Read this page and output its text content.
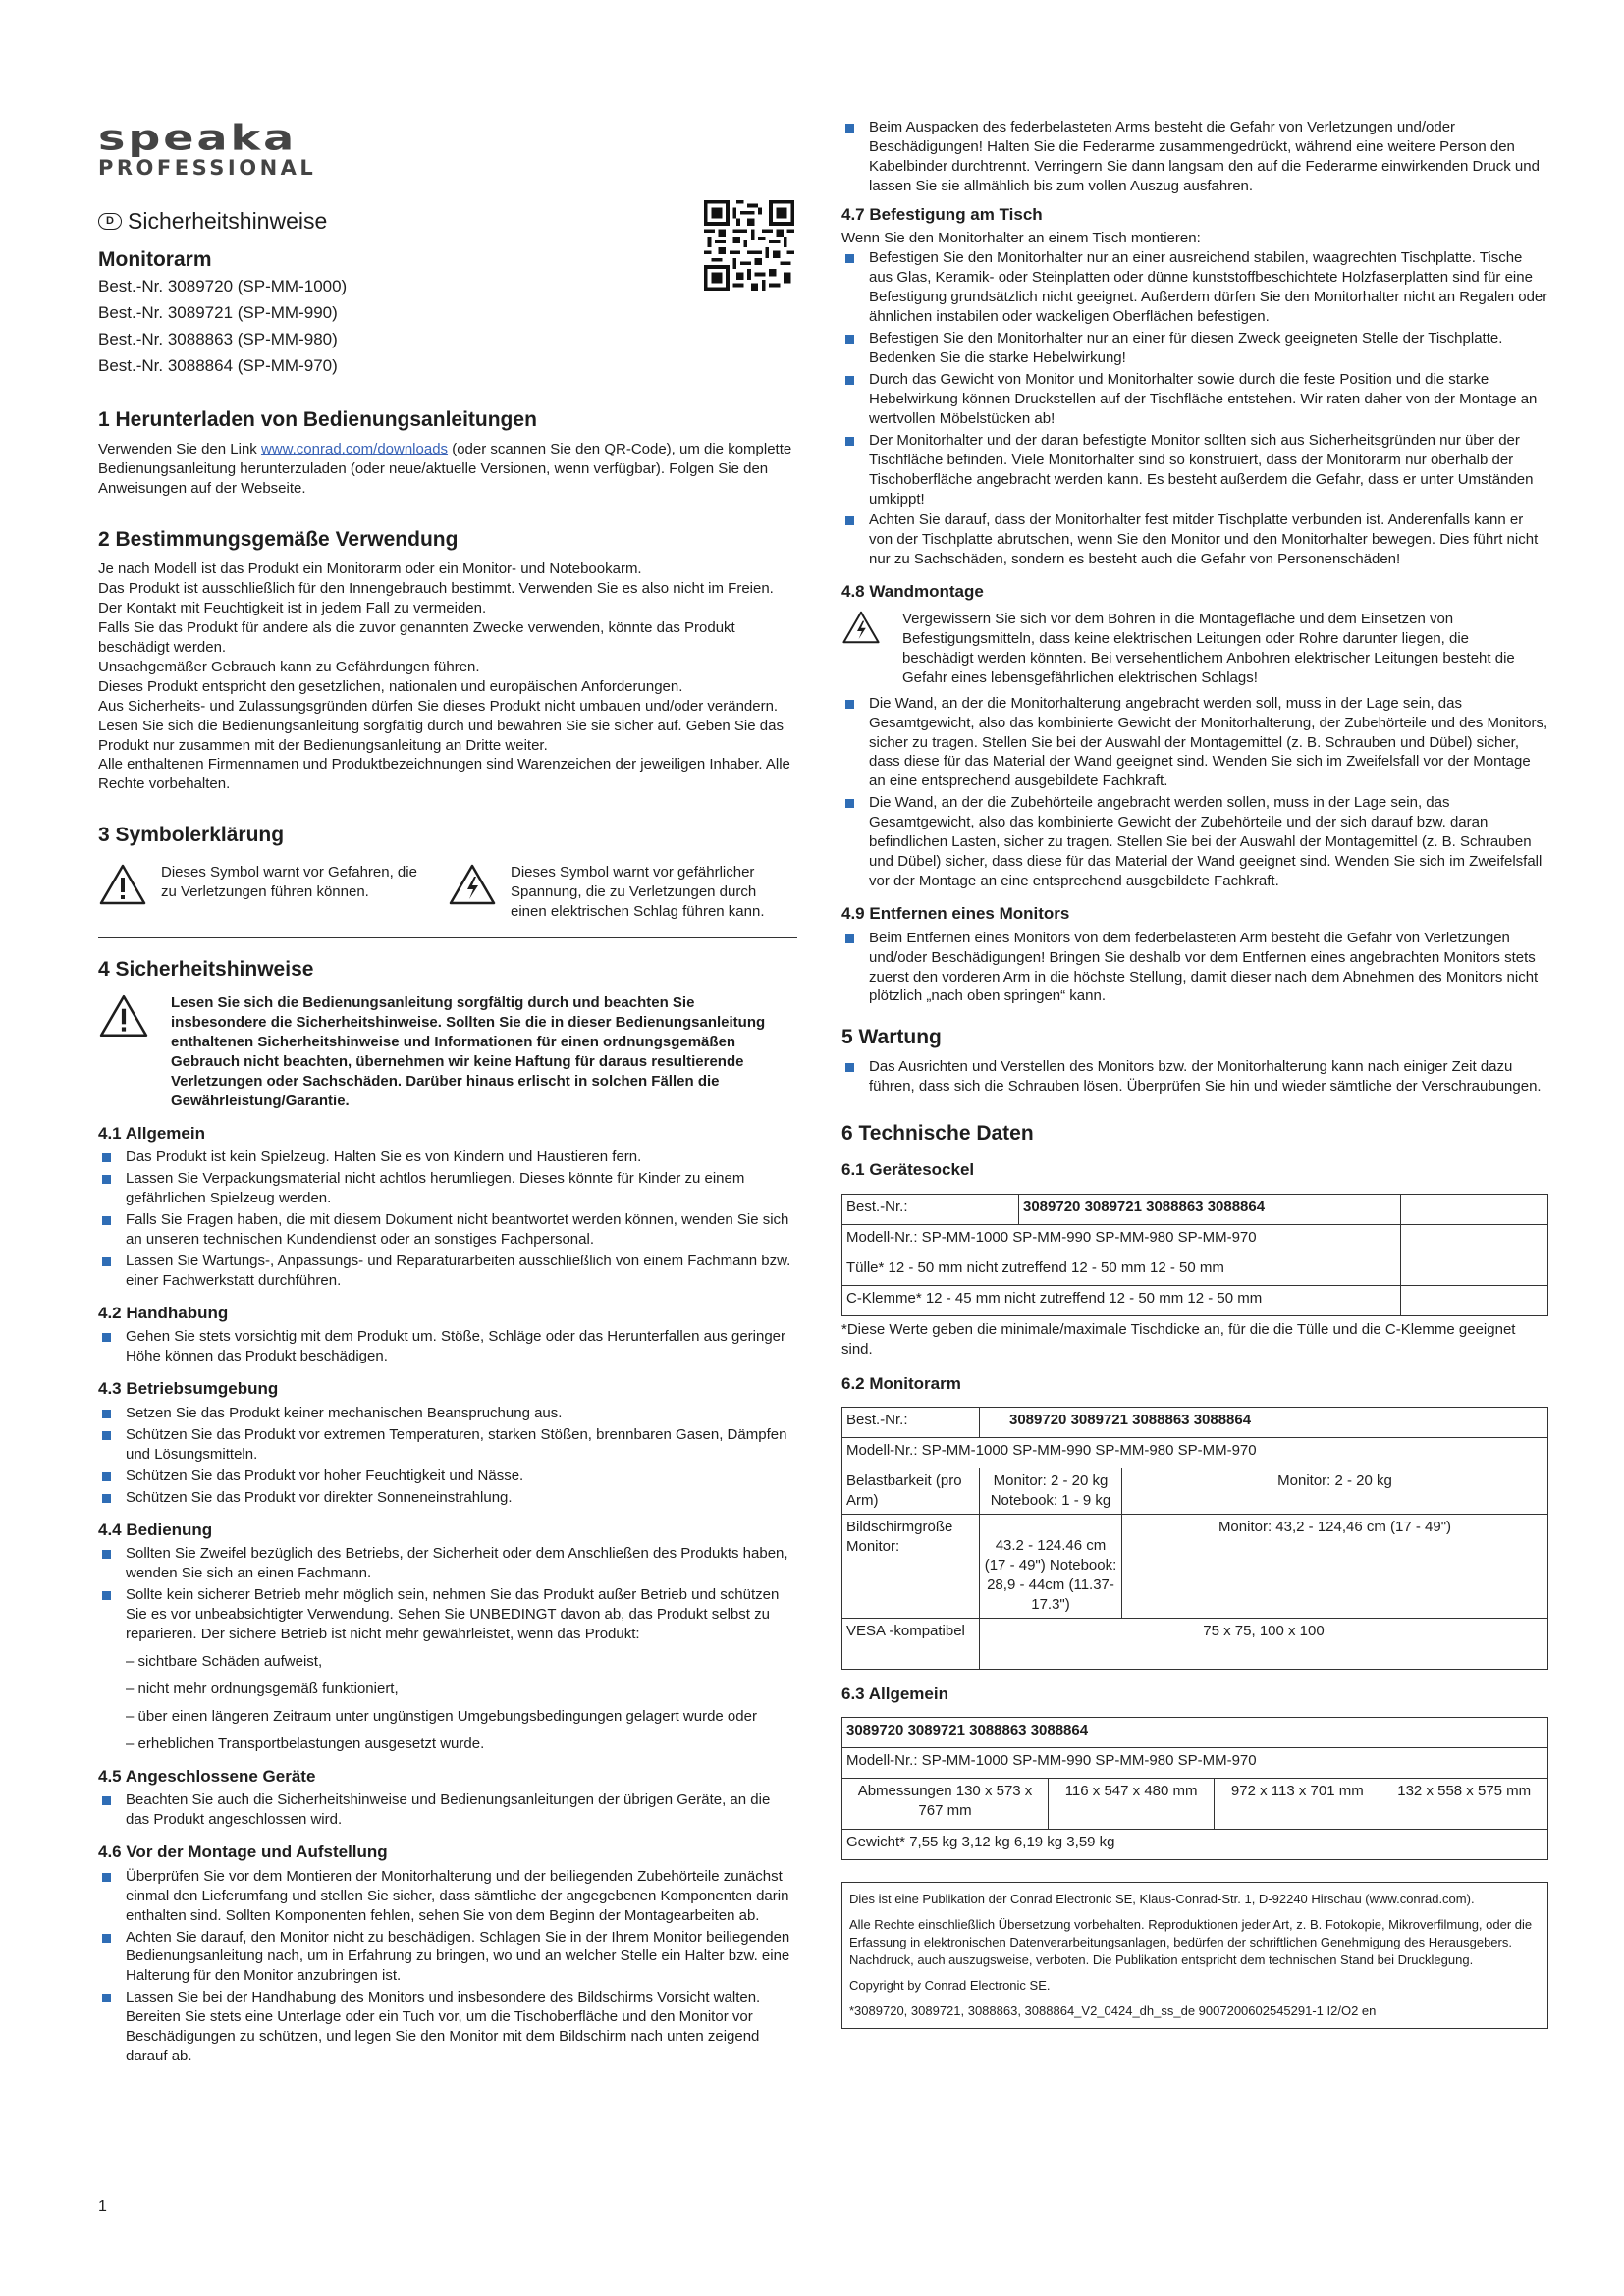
speaka
PROFESSIONAL
D Sicherheitshinweise
Monitorarm
Best.-Nr. 3089720 (SP-MM-1000)
Best.-Nr. 3089721 (SP-MM-990)
Best.-Nr. 3088863 (SP-MM-980)
Best.-Nr. 3088864 (SP-MM-970)
1 Herunterladen von Bedienungsanleitungen

Verwenden Sie den Link www.conrad.com/downloads (oder scannen Sie den QR-Code), um die komplette Bedienungsanleitung herunterzuladen (oder neue/aktuelle Versionen, wenn verfügbar). Folgen Sie den Anweisungen auf der Webseite.

2 Bestimmungsgemäße Verwendung

Je nach Modell ist das Produkt ein Monitorarm oder ein Monitor- und Notebookarm.

Das Produkt ist ausschließlich für den Innengebrauch bestimmt. Verwenden Sie es also nicht im Freien.

Der Kontakt mit Feuchtigkeit ist in jedem Fall zu vermeiden.

Falls Sie das Produkt für andere als die zuvor genannten Zwecke verwenden, könnte das Produkt beschädigt werden.

Unsachgemäßer Gebrauch kann zu Gefährdungen führen.

Dieses Produkt entspricht den gesetzlichen, nationalen und europäischen Anforderungen.

Aus Sicherheits- und Zulassungsgründen dürfen Sie dieses Produkt nicht umbauen und/oder verändern.

Lesen Sie sich die Bedienungsanleitung sorgfältig durch und bewahren Sie sie sicher auf. Geben Sie das Produkt nur zusammen mit der Bedienungsanleitung an Dritte weiter.

Alle enthaltenen Firmennamen und Produktbezeichnungen sind Warenzeichen der jeweiligen Inhaber. Alle Rechte vorbehalten.

3 Symbolerklärung

Dieses Symbol warnt vor Gefahren, die zu Verletzungen führen können.

Dieses Symbol warnt vor gefährlicher Spannung, die zu Verletzungen durch einen elektrischen Schlag führen kann.

4 Sicherheitshinweise

Lesen Sie sich die Bedienungsanleitung sorgfältig durch und beachten Sie insbesondere die Sicherheitshinweise. Sollten Sie die in dieser Bedienungsanleitung enthaltenen Sicherheitshinweise und Informationen für einen ordnungsgemäßen Gebrauch nicht beachten, übernehmen wir keine Haftung für daraus resultierende Verletzungen oder Sachschäden. Darüber hinaus erlischt in solchen Fällen die Gewährleistung/Garantie.

4.1 Allgemein
Das Produkt ist kein Spielzeug. Halten Sie es von Kindern und Haustieren fern.
Lassen Sie Verpackungsmaterial nicht achtlos herumliegen. Dieses könnte für Kinder zu einem gefährlichen Spielzeug werden.
Falls Sie Fragen haben, die mit diesem Dokument nicht beantwortet werden können, wenden Sie sich an unseren technischen Kundendienst oder an sonstiges Fachpersonal.
Lassen Sie Wartungs-, Anpassungs- und Reparaturarbeiten ausschließlich von einem Fachmann bzw. einer Fachwerkstatt durchführen.
4.2 Handhabung
Gehen Sie stets vorsichtig mit dem Produkt um. Stöße, Schläge oder das Herunterfallen aus geringer Höhe können das Produkt beschädigen.
4.3 Betriebsumgebung
Setzen Sie das Produkt keiner mechanischen Beanspruchung aus.
Schützen Sie das Produkt vor extremen Temperaturen, starken Stößen, brennbaren Gasen, Dämpfen und Lösungsmitteln.
Schützen Sie das Produkt vor hoher Feuchtigkeit und Nässe.
Schützen Sie das Produkt vor direkter Sonneneinstrahlung.
4.4 Bedienung
Sollten Sie Zweifel bezüglich des Betriebs, der Sicherheit oder dem Anschließen des Produkts haben, wenden Sie sich an einen Fachmann.
Sollte kein sicherer Betrieb mehr möglich sein, nehmen Sie das Produkt außer Betrieb und schützen Sie es vor unbeabsichtigter Verwendung. Sehen Sie UNBEDINGT davon ab, das Produkt selbst zu reparieren. Der sichere Betrieb ist nicht mehr gewährleistet, wenn das Produkt:

– sichtbare Schäden aufweist,

– nicht mehr ordnungsgemäß funktioniert,

– über einen längeren Zeitraum unter ungünstigen Umgebungsbedingungen gelagert wurde oder

– erheblichen Transportbelastungen ausgesetzt wurde.

4.5 Angeschlossene Geräte
Beachten Sie auch die Sicherheitshinweise und Bedienungsanleitungen der übrigen Geräte, an die das Produkt angeschlossen wird.
4.6 Vor der Montage und Aufstellung
Überprüfen Sie vor dem Montieren der Monitorhalterung und der beiliegenden Zubehörteile zunächst einmal den Lieferumfang und stellen Sie sicher, dass sämtliche der angegebenen Komponenten darin enthalten sind. Sollten Komponenten fehlen, sehen Sie von dem Beginn der Montagearbeiten ab.
Achten Sie darauf, den Monitor nicht zu beschädigen. Schlagen Sie in der Ihrem Monitor beiliegenden Bedienungsanleitung nach, um in Erfahrung zu bringen, wo und an welcher Stelle ein Halter bzw. eine Halterung für den Monitor anzubringen ist.
Lassen Sie bei der Handhabung des Monitors und insbesondere des Bildschirms Vorsicht walten. Bereiten Sie stets eine Unterlage oder ein Tuch vor, um die Tischoberfläche und den Monitor vor Beschädigungen zu schützen, und legen Sie den Monitor mit dem Bildschirm nach unten zeigend darauf ab.
Beim Auspacken des federbelasteten Arms besteht die Gefahr von Verletzungen und/oder Beschädigungen! Halten Sie die Federarme zusammengedrückt, während eine weitere Person den Kabelbinder durchtrennt. Verringern Sie dann langsam den auf die Federarme einwirkenden Druck und lassen Sie sie allmählich bis zum vollen Auszug ausfahren.
4.7 Befestigung am Tisch

Wenn Sie den Monitorhalter an einem Tisch montieren:

Befestigen Sie den Monitorhalter nur an einer ausreichend stabilen, waagrechten Tischplatte. Tische aus Glas, Keramik- oder Steinplatten oder dünne kunststoffbeschichtete Holzfaserplatten sind für eine Befestigung grundsätzlich nicht geeignet. Außerdem dürfen Sie den Monitorhalter nicht an Regalen oder ähnlichen instabilen oder wackeligen Oberflächen befestigen.
Befestigen Sie den Monitorhalter nur an einer für diesen Zweck geeigneten Stelle der Tischplatte. Bedenken Sie die starke Hebelwirkung!
Durch das Gewicht von Monitor und Monitorhalter sowie durch die feste Position und die starke Hebelwirkung können Druckstellen auf der Tischfläche entstehen. Wir raten daher von der Montage an wertvollen Möbelstücken ab!
Der Monitorhalter und der daran befestigte Monitor sollten sich aus Sicherheitsgründen nur über der Tischfläche befinden. Viele Monitorhalter sind so konstruiert, dass der Monitorarm nur oberhalb der Tischoberfläche angebracht werden kann. Es besteht außerdem die Gefahr, dass er unter Umständen umkippt!
Achten Sie darauf, dass der Monitorhalter fest mitder Tischplatte verbunden ist. Anderenfalls kann er von der Tischplatte abrutschen, wenn Sie den Monitor und den Monitorhalter bewegen. Dies führt nicht nur zu Sachschäden, sondern es besteht auch die Gefahr von Personenschäden!
4.8 Wandmontage

Vergewissern Sie sich vor dem Bohren in die Montagefläche und dem Einsetzen von Befestigungsmitteln, dass keine elektrischen Leitungen oder Rohre darunter liegen, die beschädigt werden könnten. Bei versehentlichem Anbohren elektrischer Leitungen besteht die Gefahr eines lebensgefährlichen elektrischen Schlags!

Die Wand, an der die Monitorhalterung angebracht werden soll, muss in der Lage sein, das Gesamtgewicht, also das kombinierte Gewicht der Monitorhalterung, der Zubehörteile und des Monitors, sicher zu tragen. Stellen Sie bei der Auswahl der Montagemittel (z. B. Schrauben und Dübel) sicher, dass diese für das Material der Wand geeignet sind. Wenden Sie sich im Zweifelsfall vor der Montage an eine entsprechend ausgebildete Fachkraft.
Die Wand, an der die Zubehörteile angebracht werden sollen, muss in der Lage sein, das Gesamtgewicht, also das kombinierte Gewicht der Zubehörteile und der sich darauf bzw. daran befindlichen Lasten, sicher zu tragen. Stellen Sie bei der Auswahl der Montagemittel (z. B. Schrauben und Dübel) sicher, dass diese für das Material der Wand geeignet sind. Wenden Sie sich im Zweifelsfall vor der Montage an eine entsprechend ausgebildete Fachkraft.
4.9 Entfernen eines Monitors
Beim Entfernen eines Monitors von dem federbelasteten Arm besteht die Gefahr von Verletzungen und/oder Beschädigungen! Bringen Sie deshalb vor dem Entfernen eines angebrachten Monitors stets zuerst den vorderen Arm in die höchste Stellung, damit dieser nach dem Abnehmen des Monitors nicht plötzlich „nach oben springen“ kann.
5 Wartung
Das Ausrichten und Verstellen des Monitors bzw. der Monitorhalterung kann nach einiger Zeit dazu führen, dass sich die Schrauben lösen. Überprüfen Sie hin und wieder sämtliche der Verschraubungen.
6 Technische Daten
6.1 Gerätesockel
Best.-Nr.:	3089720 3089721 3088863 3088864	
Modell-Nr.: SP-MM-1000 SP-MM-990 SP-MM-980 SP-MM-970		
Tülle* 12 - 50 mm nicht zutreffend 12 - 50 mm 12 - 50 mm		
C-Klemme* 12 - 45 mm nicht zutreffend 12 - 50 mm 12 - 50 mm		

*Diese Werte geben die minimale/maximale Tischdicke an, für die die Tülle und die C-Klemme geeignet sind.

6.2 Monitorarm
Best.-Nr.:	3089720 3089721 3088863 3088864	
Modell-Nr.: SP-MM-1000 SP-MM-990 SP-MM-980 SP-MM-970		
Belastbarkeit (pro Arm)	Monitor: 2 - 20 kg Notebook: 1 - 9 kg	Monitor: 2 - 20 kg
Bildschirmgröße Monitor:	43.2 - 124.46 cm (17 - 49") Notebook: 28,9 - 44cm (11.37-17.3")	Monitor: 43,2 - 124,46 cm (17 - 49")
VESA -kompatibel	75 x 75, 100 x 100	
6.3 Allgemein
3089720 3089721 3088863 3088864
Modell-Nr.: SP-MM-1000 SP-MM-990 SP-MM-980 SP-MM-970
Abmessungen 130 x 573 x 767 mm	116 x 547 x 480 mm	972 x 113 x 701 mm	132 x 558 x 575 mm
Gewicht* 7,55 kg 3,12 kg 6,19 kg 3,59 kg

Dies ist eine Publikation der Conrad Electronic SE, Klaus-Conrad-Str. 1, D-92240 Hirschau (www.conrad.com).

Alle Rechte einschließlich Übersetzung vorbehalten. Reproduktionen jeder Art, z. B. Fotokopie, Mikroverfilmung, oder die Erfassung in elektronischen Datenverarbeitungsanlagen, bedürfen der schriftlichen Genehmigung des Herausgebers. Nachdruck, auch auszugsweise, verboten. Die Publikation entspricht dem technischen Stand bei Drucklegung.

Copyright by Conrad Electronic SE.

*3089720, 3089721, 3088863, 3088864_V2_0424_dh_ss_de 9007200602545291-1 I2/O2 en

1
